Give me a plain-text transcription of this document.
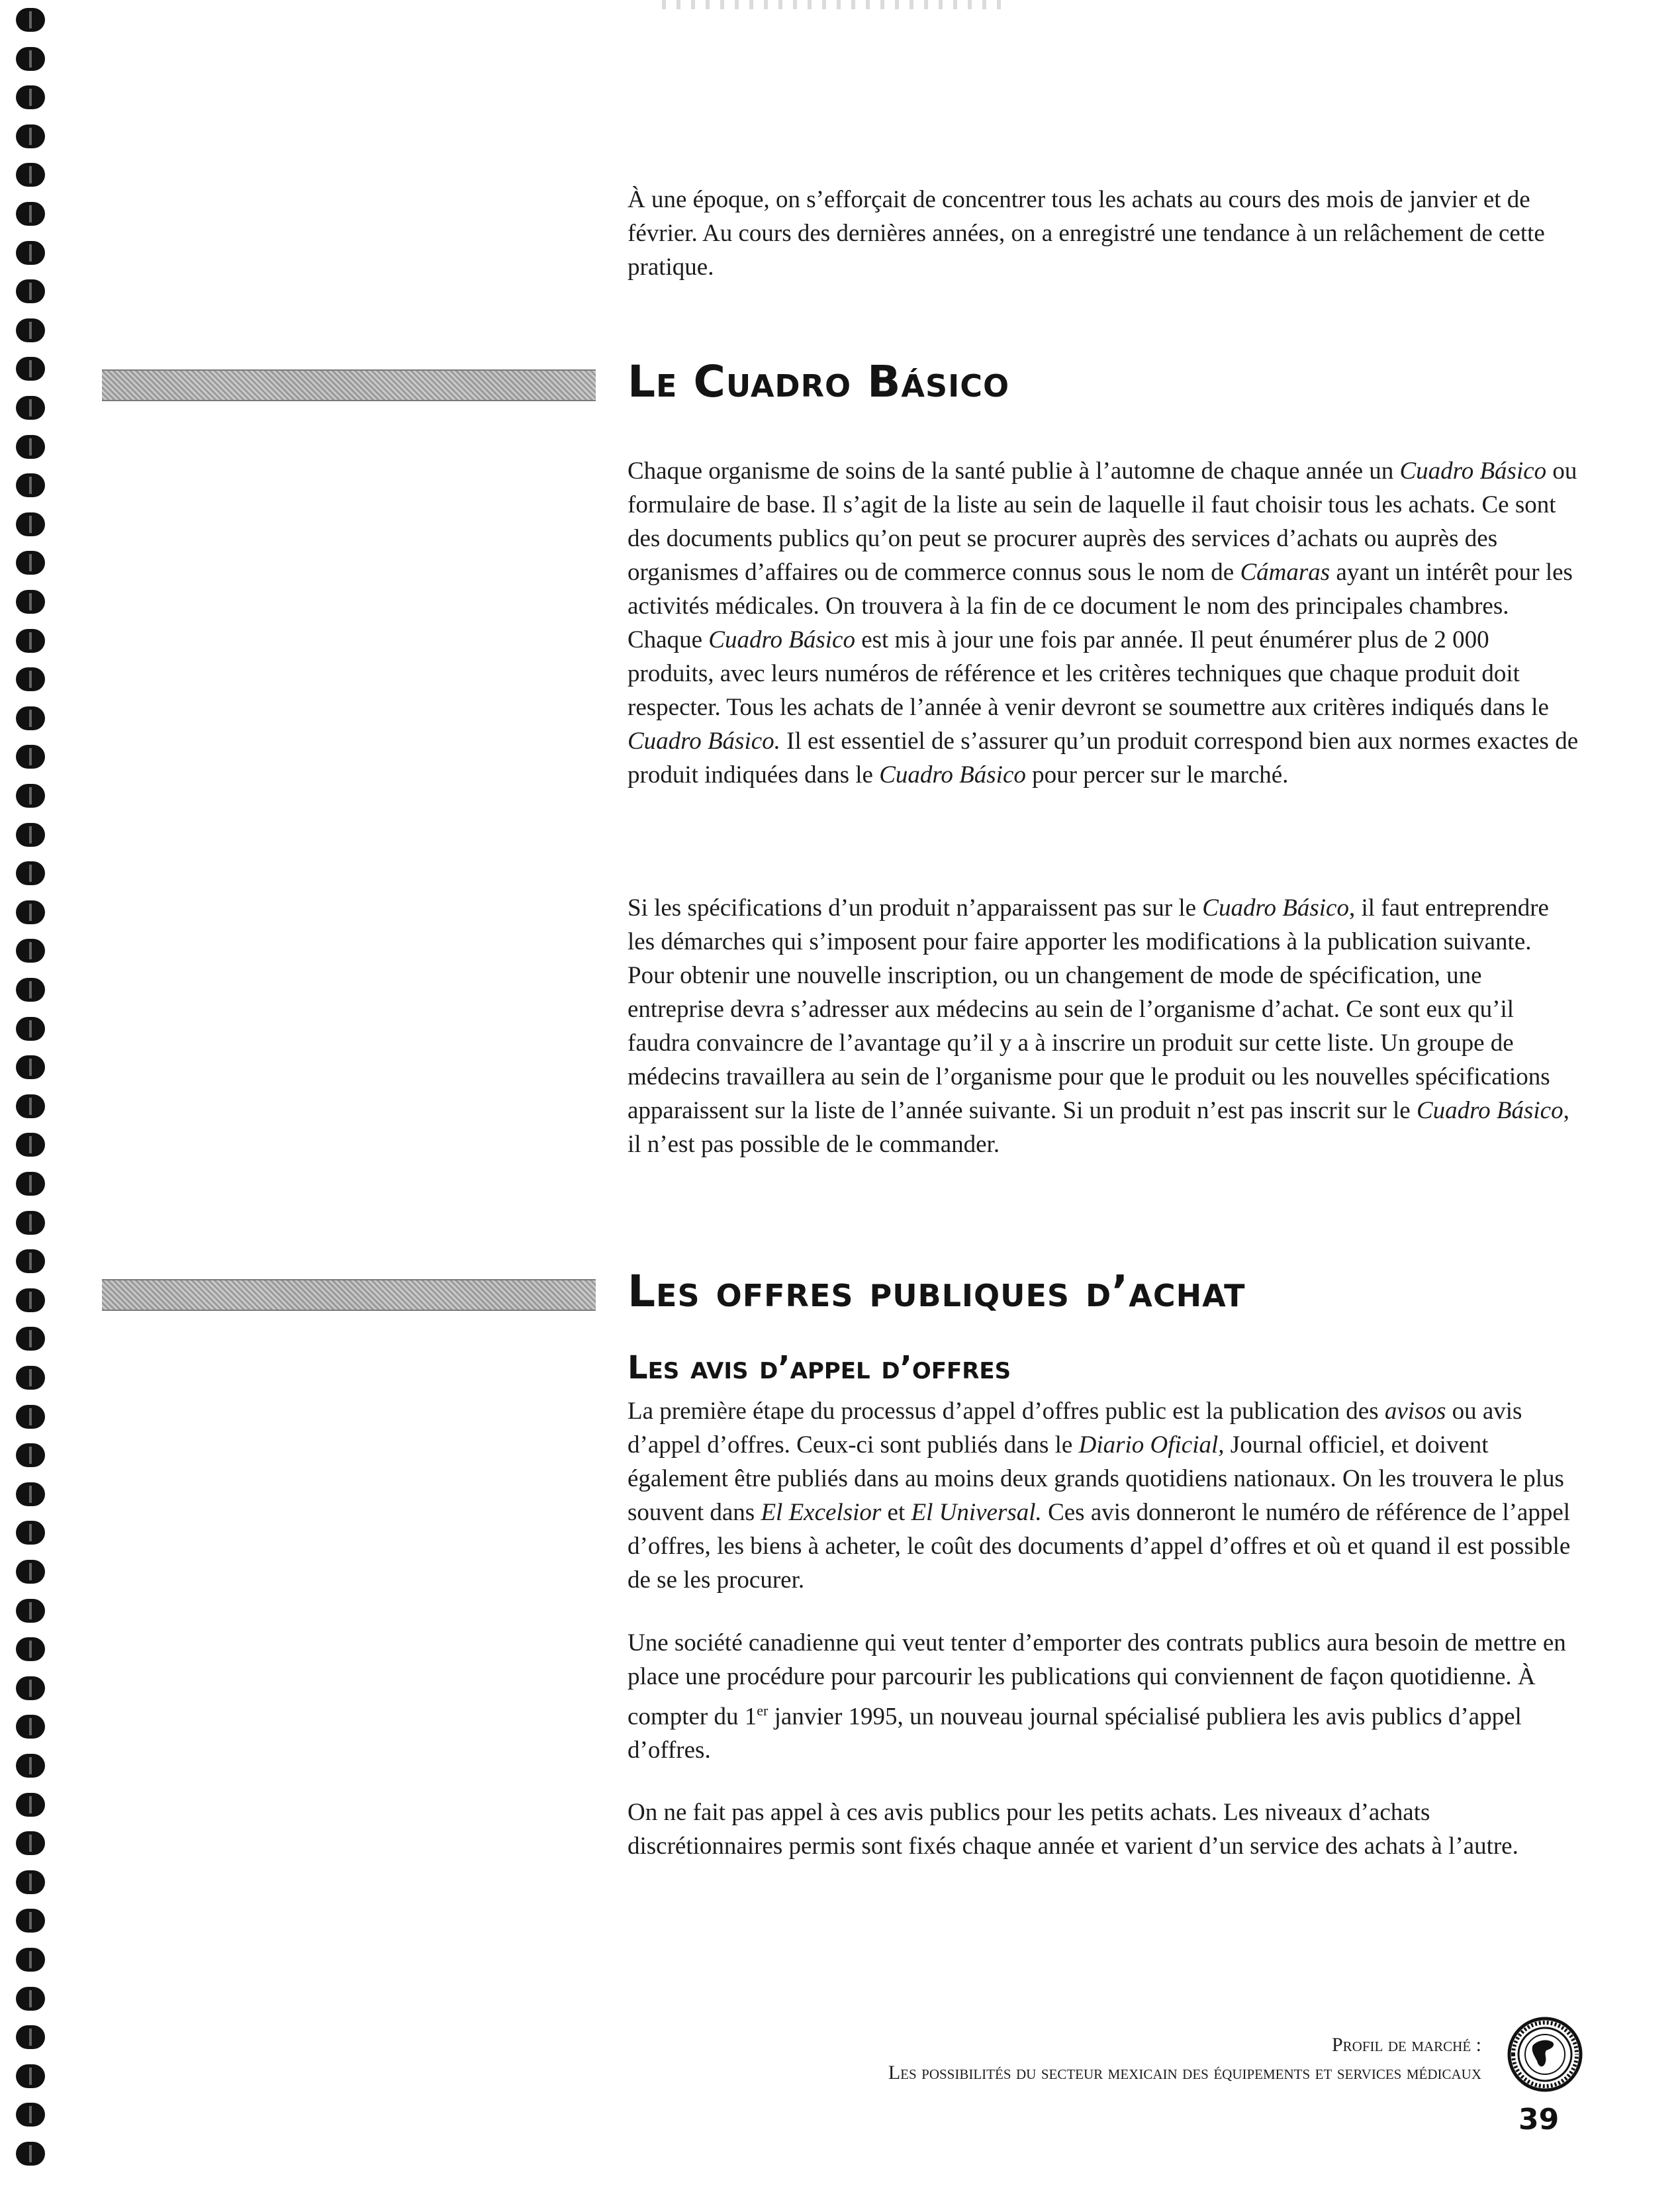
À une époque, on s’efforçait de concentrer tous les achats au cours des mois de janvier et de février. Au cours des dernières années, on a enregistré une tendance à un relâchement de cette pratique.

Le Cuadro Básico

Chaque organisme de soins de la santé publie à l’automne de chaque année un Cuadro Básico ou formulaire de base. Il s’agit de la liste au sein de laquelle il faut choisir tous les achats. Ce sont des documents publics qu’on peut se procurer auprès des services d’achats ou auprès des organismes d’affaires ou de commerce connus sous le nom de Cámaras ayant un intérêt pour les activités médicales. On trouvera à la fin de ce document le nom des principales chambres. Chaque Cuadro Básico est mis à jour une fois par année. Il peut énumérer plus de 2 000 produits, avec leurs numéros de référence et les critères techniques que chaque produit doit respecter. Tous les achats de l’année à venir devront se soumettre aux critères indiqués dans le Cuadro Básico. Il est essentiel de s’assurer qu’un produit correspond bien aux normes exactes de produit indiquées dans le Cuadro Básico pour percer sur le marché.

Si les spécifications d’un produit n’apparaissent pas sur le Cuadro Básico, il faut entreprendre les démarches qui s’imposent pour faire apporter les modifications à la publication suivante. Pour obtenir une nouvelle inscription, ou un changement de mode de spécification, une entreprise devra s’adresser aux médecins au sein de l’organisme d’achat. Ce sont eux qu’il faudra convaincre de l’avantage qu’il y a à inscrire un produit sur cette liste. Un groupe de médecins travaillera au sein de l’organisme pour que le produit ou les nouvelles spécifications apparaissent sur la liste de l’année suivante. Si un produit n’est pas inscrit sur le Cuadro Básico, il n’est pas possible de le commander.

Les offres publiques d’achat
Les avis d’appel d’offres

La première étape du processus d’appel d’offres public est la publication des avisos ou avis d’appel d’offres. Ceux-ci sont publiés dans le Diario Oficial, Journal officiel, et doivent également être publiés dans au moins deux grands quotidiens nationaux. On les trouvera le plus souvent dans El Excelsior et El Universal. Ces avis donneront le numéro de référence de l’appel d’offres, les biens à acheter, le coût des documents d’appel d’offres et où et quand il est possible de se les procurer.

Une société canadienne qui veut tenter d’emporter des contrats publics aura besoin de mettre en place une procédure pour parcourir les publications qui conviennent de façon quotidienne. À compter du 1er janvier 1995, un nouveau journal spécialisé publiera les avis publics d’appel d’offres.

On ne fait pas appel à ces avis publics pour les petits achats. Les niveaux d’achats discrétionnaires permis sont fixés chaque année et varient d’un service des achats à l’autre.

Profil de marché :

Les possibilités du secteur mexicain des équipements et services médicaux

39
